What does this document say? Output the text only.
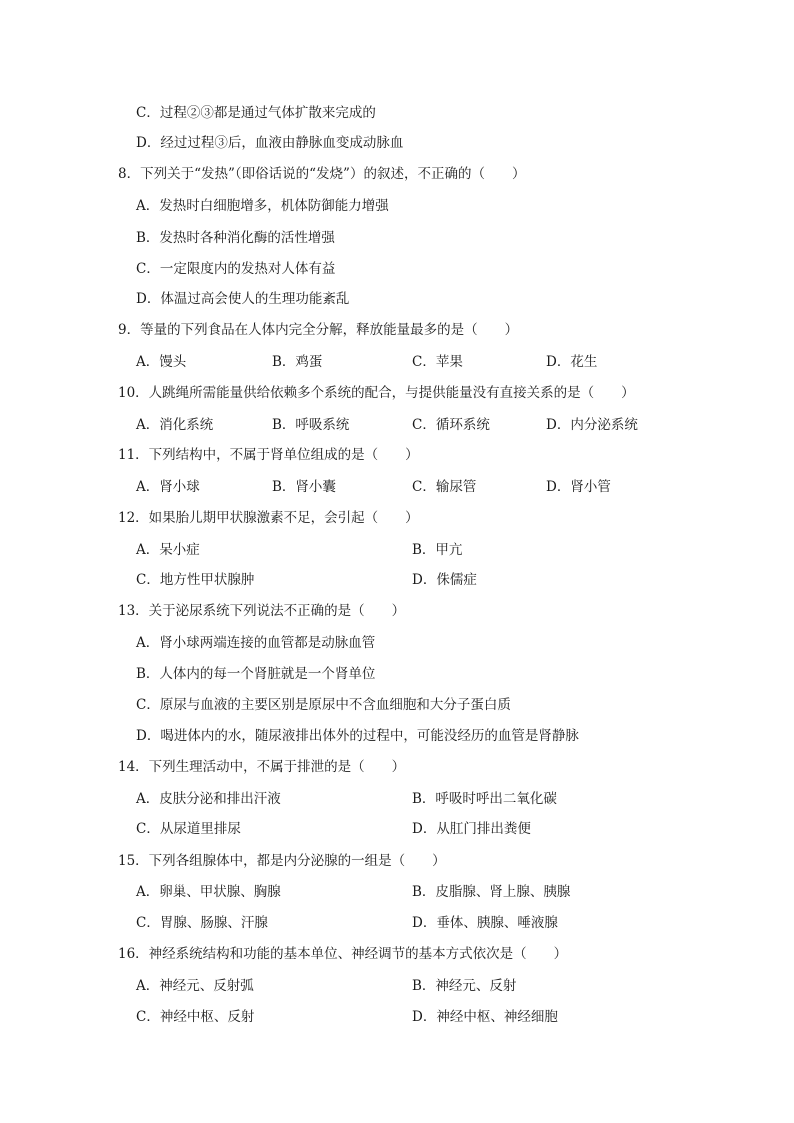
C．过程②③都是通过气体扩散来完成的
D．经过过程③后，血液由静脉血变成动脉血
8．下列关于“发热”（即俗话说的“发烧”）的叙述，不正确的（　　）
A．发热时白细胞增多，机体防御能力增强
B．发热时各种消化酶的活性增强
C．一定限度内的发热对人体有益
D．体温过高会使人的生理功能紊乱
9．等量的下列食品在人体内完全分解，释放能量最多的是（　　）
A．馒头	B．鸡蛋	C．苹果	D．花生
10．人跳绳所需能量供给依赖多个系统的配合，与提供能量没有直接关系的是（　　）
A．消化系统	B．呼吸系统	C．循环系统	D．内分泌系统
11．下列结构中，不属于肾单位组成的是（　　）
A．肾小球	B．肾小囊	C．输尿管	D．肾小管
12．如果胎儿期甲状腺激素不足，会引起（　　）
A．呆小症	B．甲亢
C．地方性甲状腺肿	D．侏儒症
13．关于泌尿系统下列说法不正确的是（　　）
A．肾小球两端连接的血管都是动脉血管
B．人体内的每一个肾脏就是一个肾单位
C．原尿与血液的主要区别是原尿中不含血细胞和大分子蛋白质
D．喝进体内的水，随尿液排出体外的过程中，可能没经历的血管是肾静脉
14．下列生理活动中，不属于排泄的是（　　）
A．皮肤分泌和排出汗液	B．呼吸时呼出二氧化碳
C．从尿道里排尿	D．从肛门排出粪便
15．下列各组腺体中，都是内分泌腺的一组是（　　）
A．卵巢、甲状腺、胸腺	B．皮脂腺、肾上腺、胰腺
C．胃腺、肠腺、汗腺	D．垂体、胰腺、唾液腺
16．神经系统结构和功能的基本单位、神经调节的基本方式依次是（　　）
A．神经元、反射弧	B．神经元、反射
C．神经中枢、反射	D．神经中枢、神经细胞
